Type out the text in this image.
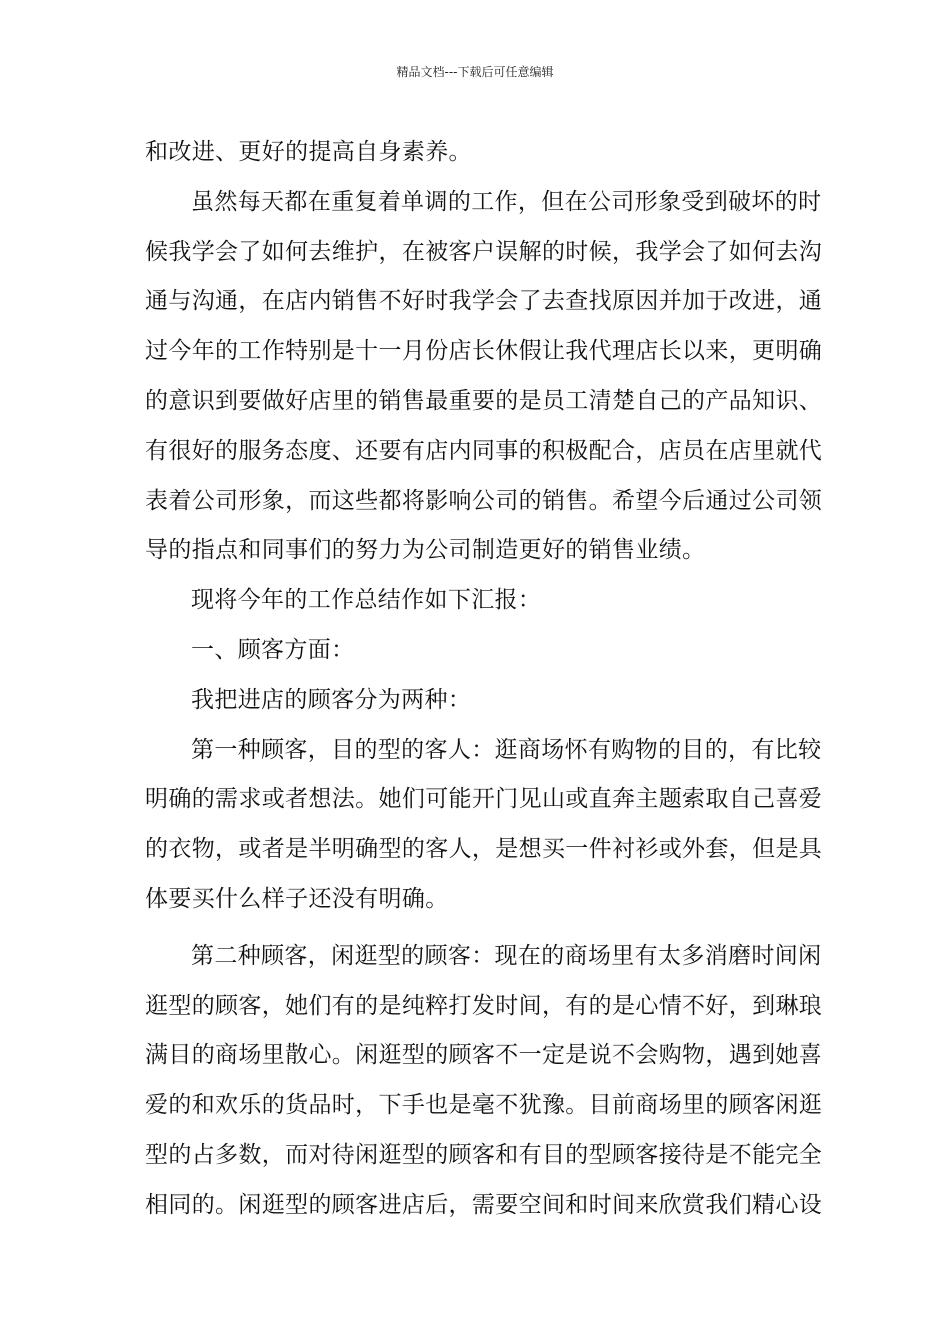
精品文档---下载后可任意编辑
和改进、更好的提高自身素养。
虽然每天都在重复着单调的工作，但在公司形象受到破坏的时
候我学会了如何去维护，在被客户误解的时候，我学会了如何去沟
通与沟通，在店内销售不好时我学会了去查找原因并加于改进，通
过今年的工作特别是十一月份店长休假让我代理店长以来，更明确
的意识到要做好店里的销售最重要的是员工清楚自己的产品知识、
有很好的服务态度、还要有店内同事的积极配合，店员在店里就代
表着公司形象，而这些都将影响公司的销售。希望今后通过公司领
导的指点和同事们的努力为公司制造更好的销售业绩。
现将今年的工作总结作如下汇报：
一、顾客方面：
我把进店的顾客分为两种：
第一种顾客，目的型的客人：逛商场怀有购物的目的，有比较
明确的需求或者想法。她们可能开门见山或直奔主题索取自己喜爱
的衣物，或者是半明确型的客人，是想买一件衬衫或外套，但是具
体要买什么样子还没有明确。
第二种顾客，闲逛型的顾客：现在的商场里有太多消磨时间闲
逛型的顾客，她们有的是纯粹打发时间，有的是心情不好，到琳琅
满目的商场里散心。闲逛型的顾客不一定是说不会购物，遇到她喜
爱的和欢乐的货品时，下手也是毫不犹豫。目前商场里的顾客闲逛
型的占多数，而对待闲逛型的顾客和有目的型顾客接待是不能完全
相同的。闲逛型的顾客进店后，需要空间和时间来欣赏我们精心设
